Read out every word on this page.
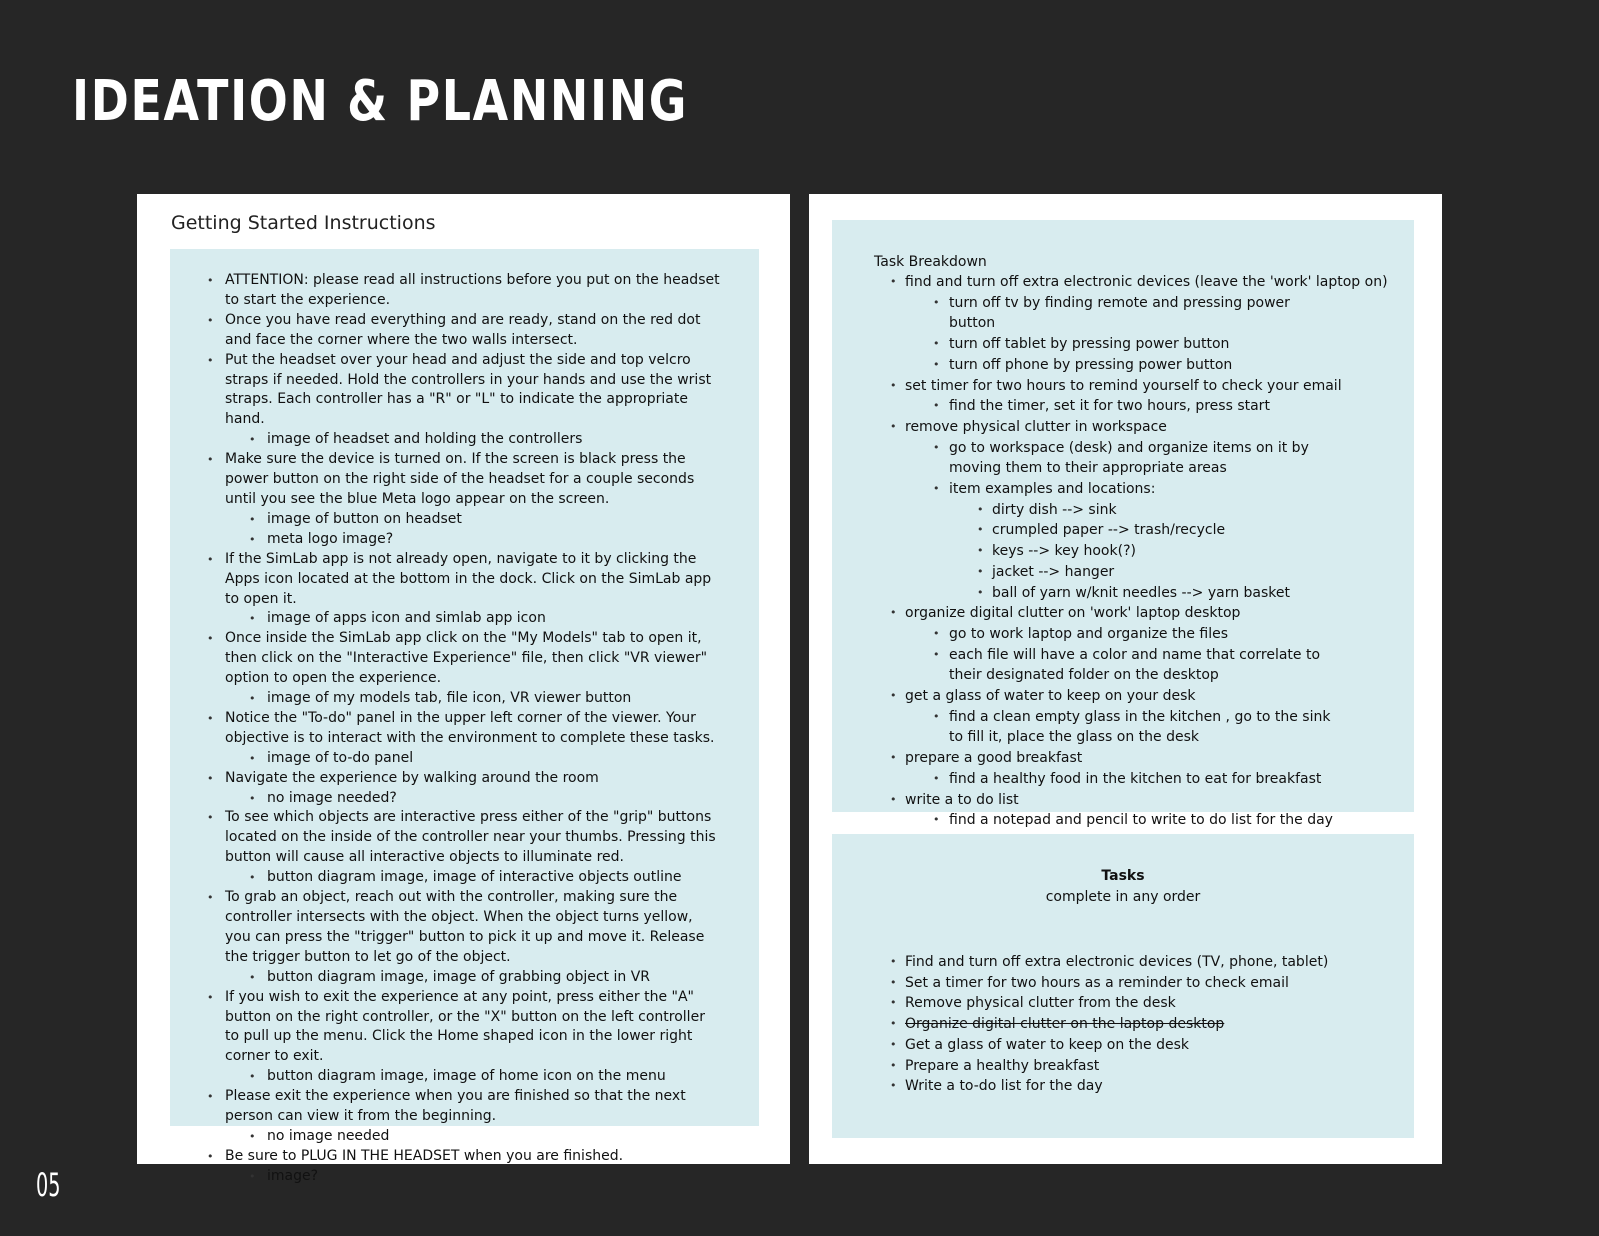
IDEATION & PLANNING
Getting Started Instructions
• ATTENTION: please read all instructions before you put on the headset to start the experience.
• Once you have read everything and are ready, stand on the red dot and face the corner where the two walls intersect.
• Put the headset over your head and adjust the side and top velcro straps if needed. Hold the controllers in your hands and use the wrist straps. Each controller has a "R" or "L" to indicate the appropriate hand.
• image of headset and holding the controllers
• Make sure the device is turned on. If the screen is black press the power button on the right side of the headset for a couple seconds until you see the blue Meta logo appear on the screen.
• image of button on headset
• meta logo image?
• If the SimLab app is not already open, navigate to it by clicking the Apps icon located at the bottom in the dock. Click on the SimLab app to open it.
• image of apps icon and simlab app icon
• Once inside the SimLab app click on the "My Models" tab to open it, then click on the "Interactive Experience" file, then click "VR viewer" option to open the experience.
• image of my models tab, file icon, VR viewer button
• Notice the "To-do" panel in the upper left corner of the viewer. Your objective is to interact with the environment to complete these tasks.
• image of to-do panel
• Navigate the experience by walking around the room
• no image needed?
• To see which objects are interactive press either of the "grip" buttons located on the inside of the controller near your thumbs. Pressing this button will cause all interactive objects to illuminate red.
• button diagram image, image of interactive objects outline
• To grab an object, reach out with the controller, making sure the controller intersects with the object. When the object turns yellow, you can press the "trigger" button to pick it up and move it. Release the trigger button to let go of the object.
• button diagram image, image of grabbing object in VR
• If you wish to exit the experience at any point, press either the "A" button on the right controller, or the "X" button on the left controller to pull up the menu. Click the Home shaped icon in the lower right corner to exit.
• button diagram image, image of home icon on the menu
• Please exit the experience when you are finished so that the next person can view it from the beginning.
• no image needed
• Be sure to PLUG IN THE HEADSET when you are finished.
• image?
Task Breakdown
• find and turn off extra electronic devices (leave the 'work' laptop on)
• turn off tv by finding remote and pressing power button
• turn off tablet by pressing power button
• turn off phone by pressing power button
• set timer for two hours to remind yourself to check your email
• find the timer, set it for two hours, press start
• remove physical clutter in workspace
• go to workspace (desk) and organize items on it by moving them to their appropriate areas
• item examples and locations:
• dirty dish --> sink
• crumpled paper --> trash/recycle
• keys --> key hook(?)
• jacket --> hanger
• ball of yarn w/knit needles --> yarn basket
• organize digital clutter on 'work' laptop desktop
• go to work laptop and organize the files
• each file will have a color and name that correlate to their designated folder on the desktop
• get a glass of water to keep on your desk
• find a clean empty glass in the kitchen , go to the sink to fill it, place the glass on the desk
• prepare a good breakfast
• find a healthy food in the kitchen to eat for breakfast
• write a to do list
• find a notepad and pencil to write to do list for the day
Tasks
complete in any order
• Find and turn off extra electronic devices (TV, phone, tablet)
• Set a timer for two hours as a reminder to check email
• Remove physical clutter from the desk
• Organize digital clutter on the laptop desktop
• Get a glass of water to keep on the desk
• Prepare a healthy breakfast
• Write a to-do list for the day
05
